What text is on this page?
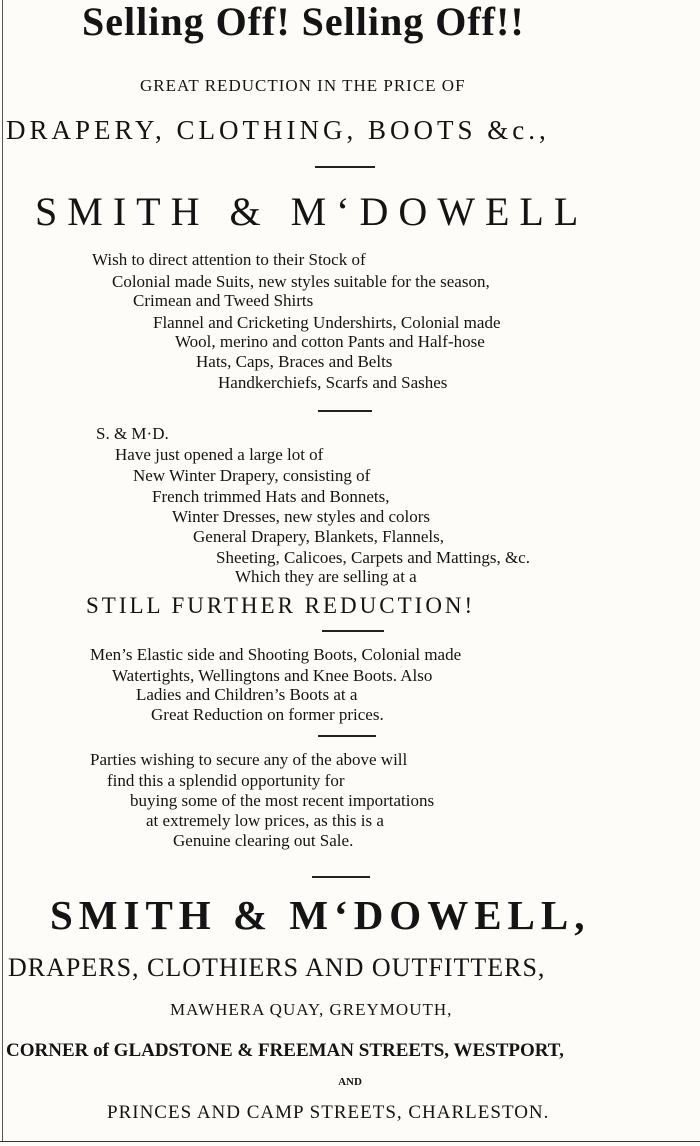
Selling Off! Selling Off!!
GREAT REDUCTION IN THE PRICE OF
DRAPERY, CLOTHING, BOOTS &c.,
SMITH & M‘DOWELL
Wish to direct attention to their Stock of
Colonial made Suits, new styles suitable for the season,
Crimean and Tweed Shirts
Flannel and Cricketing Undershirts, Colonial made
Wool, merino and cotton Pants and Half-hose
Hats, Caps, Braces and Belts
Handkerchiefs, Scarfs and Sashes
S. & M·D.
Have just opened a large lot of
New Winter Drapery, consisting of
French trimmed Hats and Bonnets,
Winter Dresses, new styles and colors
General Drapery, Blankets, Flannels,
Sheeting, Calicoes, Carpets and Mattings, &c.
Which they are selling at a
STILL FURTHER REDUCTION!
Men’s Elastic side and Shooting Boots, Colonial made
Watertights, Wellingtons and Knee Boots. Also
Ladies and Children’s Boots at a
Great Reduction on former prices.
Parties wishing to secure any of the above will
find this a splendid opportunity for
buying some of the most recent importations
at extremely low prices, as this is a
Genuine clearing out Sale.
SMITH & M‘DOWELL,
DRAPERS, CLOTHIERS AND OUTFITTERS,
MAWHERA QUAY, GREYMOUTH,
CORNER of GLADSTONE & FREEMAN STREETS, WESTPORT,
AND
PRINCES AND CAMP STREETS, CHARLESTON.
